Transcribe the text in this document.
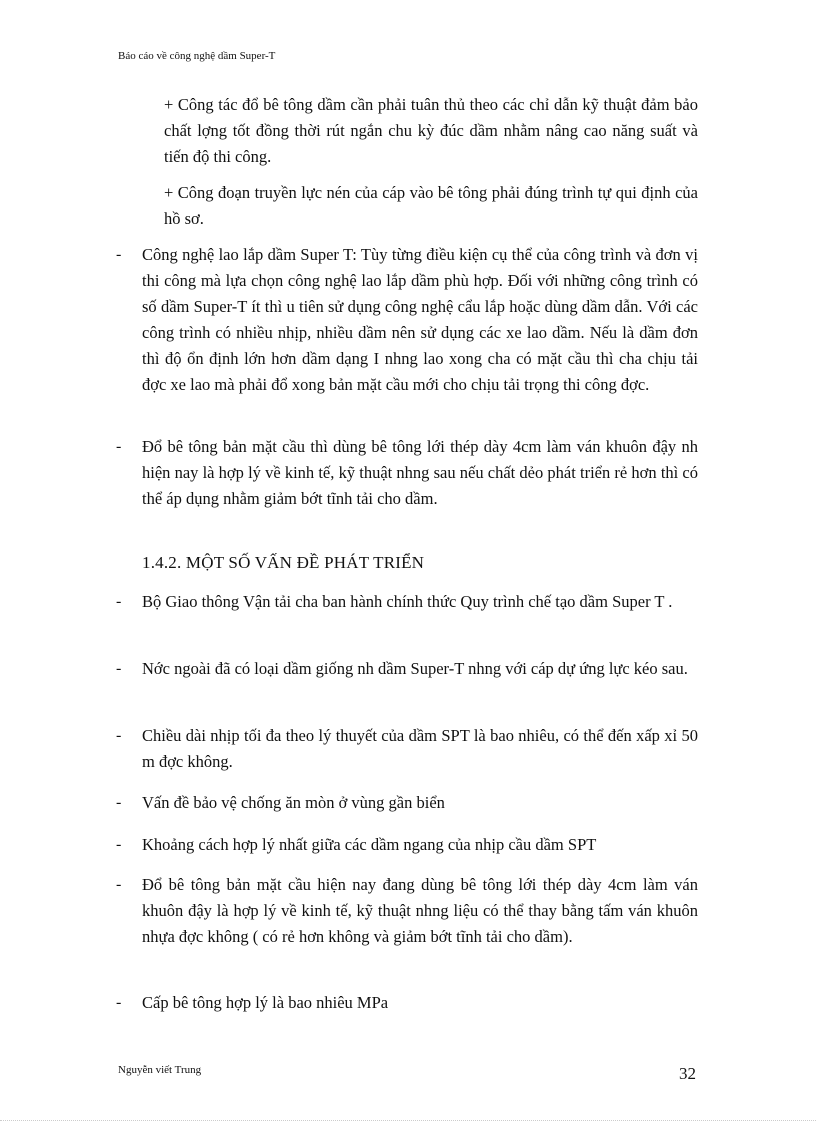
Báo cáo về công nghệ dầm Super-T
+ Công tác đổ bê tông dầm cần phải tuân thủ theo các chỉ dẫn kỹ thuật đảm bảo chất lợng tốt đồng thời rút ngắn chu kỳ đúc dầm nhằm nâng cao năng suất và tiến độ thi công.
+ Công đoạn truyền lực nén của cáp vào bê tông phải đúng trình tự qui định của hồ sơ.
- Công nghệ lao lắp dầm Super T: Tùy từng điều kiện cụ thể của công trình và đơn vị thi công mà lựa chọn công nghệ lao lắp dầm phù hợp. Đối với những công trình có số dầm Super-T ít thì u tiên sử dụng công nghệ cẩu lắp hoặc dùng dầm dẫn. Với các công trình có nhiều nhịp, nhiều dầm nên sử dụng các xe lao dầm. Nếu là dầm đơn thì độ ổn định lớn hơn dầm dạng I nhng lao xong cha có mặt cầu thì cha chịu tải đợc xe lao mà phải đổ xong bản mặt cầu mới cho chịu tải trọng thi công đợc.
- Đổ bê tông bản mặt cầu thì dùng bê tông lới thép dày 4cm làm ván khuôn đậy nh hiện nay là hợp lý về kinh tế, kỹ thuật nhng sau nếu chất dẻo phát triển rẻ hơn thì có thể áp dụng nhằm giảm bớt tĩnh tải cho dầm.
1.4.2. MỘT SỐ VẤN ĐỀ PHÁT TRIỂN
- Bộ Giao thông Vận tải cha ban hành chính thức Quy trình chế tạo dầm Super T .
- Nớc ngoài đã có loại dầm giống nh dầm Super-T nhng với cáp dự ứng lực kéo sau.
- Chiều dài nhịp tối đa theo lý thuyết của dầm SPT là bao nhiêu, có thể đến xấp xỉ 50 m đợc không.
- Vấn đề bảo vệ chống ăn mòn ở vùng gần biển
- Khoảng cách hợp lý nhất giữa các dầm ngang của nhịp cầu dầm SPT
- Đổ bê tông bản mặt cầu hiện nay đang dùng bê tông lới thép dày 4cm làm ván khuôn đậy là hợp lý về kinh tế, kỹ thuật nhng liệu có thể thay bằng tấm ván khuôn nhựa đợc không ( có rẻ hơn không và giảm bớt tĩnh tải cho dầm).
- Cấp bê tông hợp lý là bao nhiêu MPa
Nguyễn viết Trung	32
